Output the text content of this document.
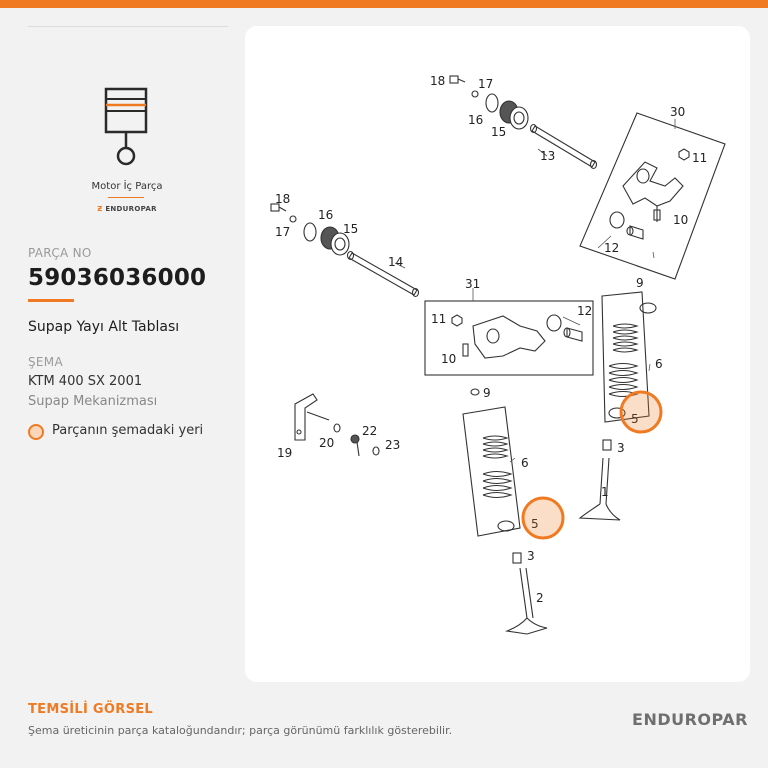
Motor İç Parça
Ƶ ENDUROPAR
PARÇA NO
59036036000
Supap Yayı Alt Tablası
ŞEMA
KTM 400 SX 2001
Supap Mekanizması
Parçanın şemadaki yeri
1
2
3
3
5
5
6
6
9
9
10
10
11
11
12
12
13
14
15
15
16
16
17
17
18
18
19
20
22
23
30
31
TEMSİLİ GÖRSEL
Şema üreticinin parça kataloğundandır; parça görünümü farklılık gösterebilir.
ENDUROPAR
